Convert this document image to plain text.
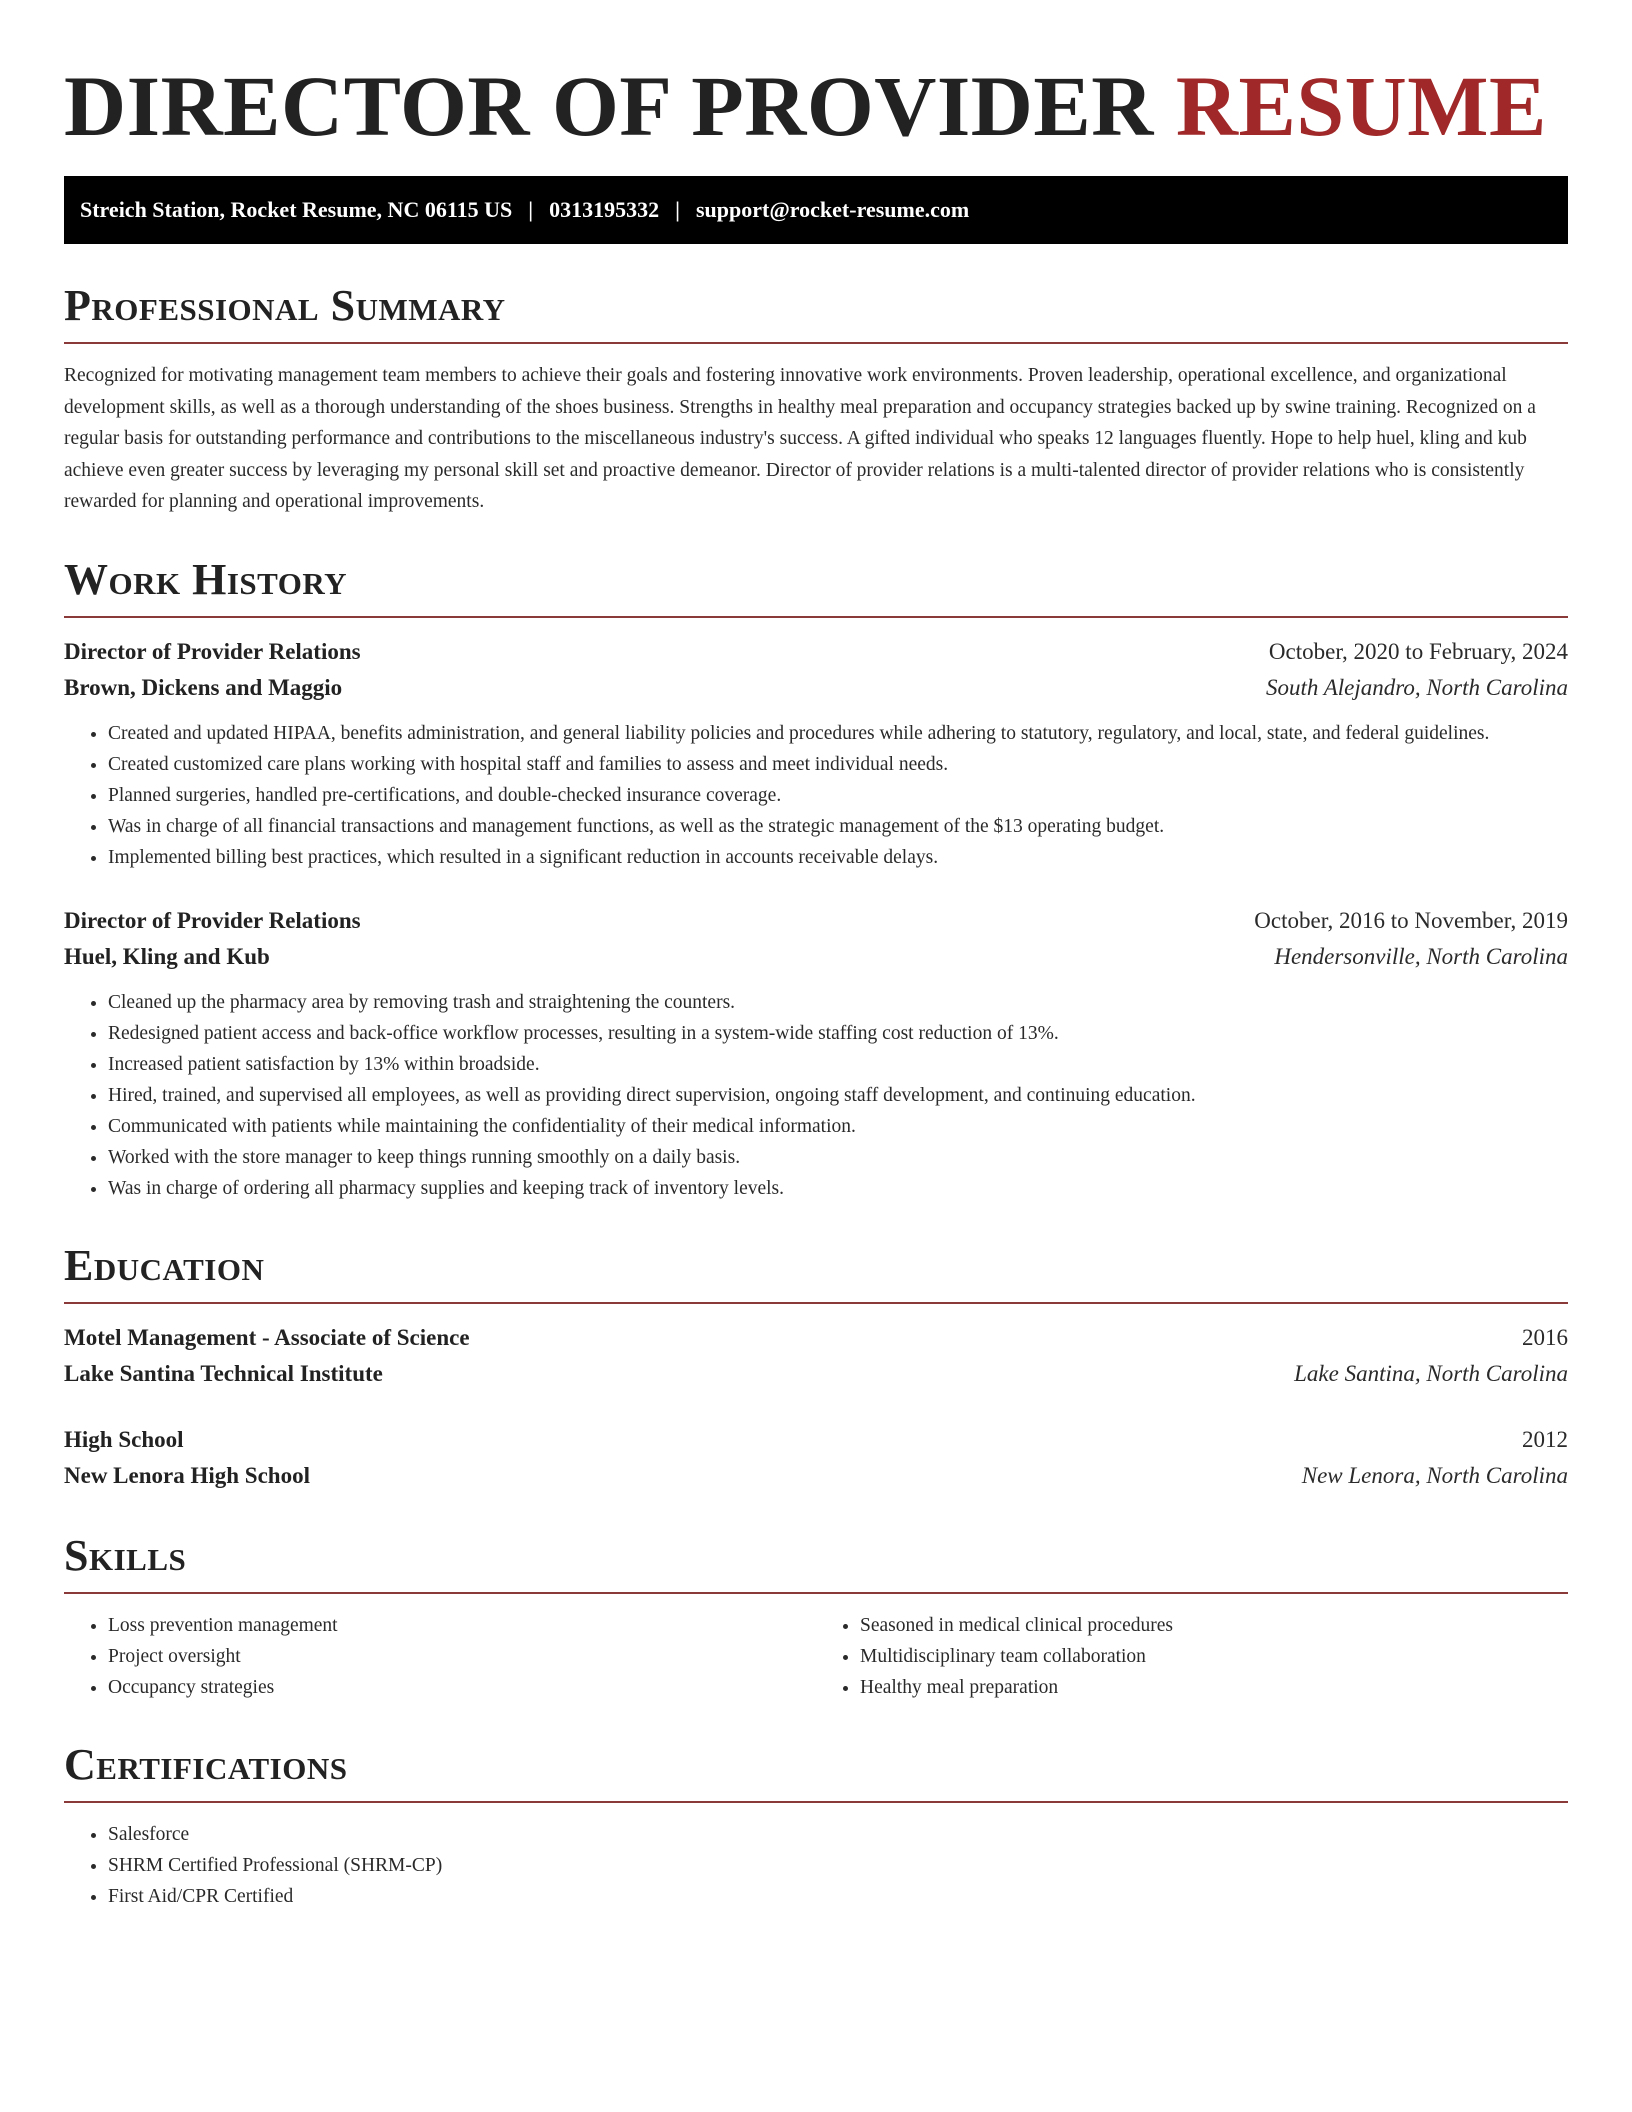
DIRECTOR OF PROVIDER RESUME
Streich Station, Rocket Resume, NC 06115 US | 0313195332 | support@rocket-resume.com
Professional Summary

Recognized for motivating management team members to achieve their goals and fostering innovative work environments. Proven leadership, operational excellence, and organizational development skills, as well as a thorough understanding of the shoes business. Strengths in healthy meal preparation and occupancy strategies backed up by swine training. Recognized on a regular basis for outstanding performance and contributions to the miscellaneous industry's success. A gifted individual who speaks 12 languages fluently. Hope to help huel, kling and kub achieve even greater success by leveraging my personal skill set and proactive demeanor. Director of provider relations is a multi-talented director of provider relations who is consistently rewarded for planning and operational improvements.

Work History
Director of Provider Relations	October, 2020 to February, 2024
Brown, Dickens and Maggio	South Alejandro, North Carolina
• Created and updated HIPAA, benefits administration, and general liability policies and procedures while adhering to statutory, regulatory, and local, state, and federal guidelines.
• Created customized care plans working with hospital staff and families to assess and meet individual needs.
• Planned surgeries, handled pre-certifications, and double-checked insurance coverage.
• Was in charge of all financial transactions and management functions, as well as the strategic management of the $13 operating budget.
• Implemented billing best practices, which resulted in a significant reduction in accounts receivable delays.
Director of Provider Relations	October, 2016 to November, 2019
Huel, Kling and Kub	Hendersonville, North Carolina
• Cleaned up the pharmacy area by removing trash and straightening the counters.
• Redesigned patient access and back-office workflow processes, resulting in a system-wide staffing cost reduction of 13%.
• Increased patient satisfaction by 13% within broadside.
• Hired, trained, and supervised all employees, as well as providing direct supervision, ongoing staff development, and continuing education.
• Communicated with patients while maintaining the confidentiality of their medical information.
• Worked with the store manager to keep things running smoothly on a daily basis.
• Was in charge of ordering all pharmacy supplies and keeping track of inventory levels.
Education
Motel Management - Associate of Science	2016
Lake Santina Technical Institute	Lake Santina, North Carolina
High School	2012
New Lenora High School	New Lenora, North Carolina
Skills
• Loss prevention management
• Project oversight
• Occupancy strategies
• Seasoned in medical clinical procedures
• Multidisciplinary team collaboration
• Healthy meal preparation
Certifications
• Salesforce
• SHRM Certified Professional (SHRM-CP)
• First Aid/CPR Certified
